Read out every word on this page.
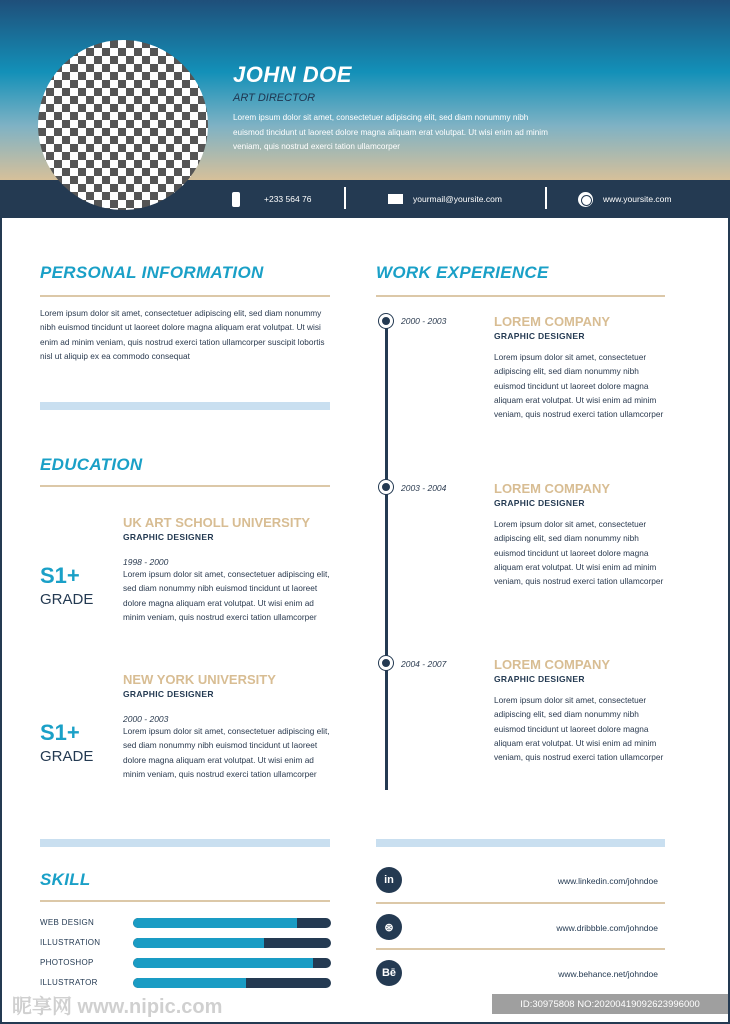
JOHN DOE
ART DIRECTOR
Lorem ipsum dolor sit amet, consectetuer adipiscing elit, sed diam nonummy nibh euismod tincidunt ut laoreet dolore magna aliquam erat volutpat. Ut wisi enim ad minim veniam, quis nostrud exerci tation ullamcorper
+233 564 76	yourmail@yoursite.com	www.yoursite.com
PERSONAL INFORMATION
Lorem ipsum dolor sit amet, consectetuer adipiscing elit, sed diam nonummy nibh euismod tincidunt ut laoreet dolore magna aliquam erat volutpat. Ut wisi enim ad minim veniam, quis nostrud exerci tation ullamcorper suscipit lobortis nisl ut aliquip ex ea commodo consequat
EDUCATION
S1+
GRADE
UK ART SCHOLL UNIVERSITY
GRAPHIC DESIGNER
1998 - 2000
Lorem ipsum dolor sit amet, consectetuer adipiscing elit, sed diam nonummy nibh euismod tincidunt ut laoreet dolore magna aliquam erat volutpat. Ut wisi enim ad minim veniam, quis nostrud exerci tation ullamcorper
S1+
GRADE
NEW YORK UNIVERSITY
GRAPHIC DESIGNER
2000 - 2003
Lorem ipsum dolor sit amet, consectetuer adipiscing elit, sed diam nonummy nibh euismod tincidunt ut laoreet dolore magna aliquam erat volutpat. Ut wisi enim ad minim veniam, quis nostrud exerci tation ullamcorper
WORK EXPERIENCE
2000 - 2003	LOREM COMPANY
GRAPHIC DESIGNER
Lorem ipsum dolor sit amet, consectetuer adipiscing elit, sed diam nonummy nibh euismod tincidunt ut laoreet dolore magna aliquam erat volutpat. Ut wisi enim ad minim veniam, quis nostrud exerci tation ullamcorper
2003 - 2004	LOREM COMPANY
GRAPHIC DESIGNER
Lorem ipsum dolor sit amet, consectetuer adipiscing elit, sed diam nonummy nibh euismod tincidunt ut laoreet dolore magna aliquam erat volutpat. Ut wisi enim ad minim veniam, quis nostrud exerci tation ullamcorper
2004 - 2007	LOREM COMPANY
GRAPHIC DESIGNER
Lorem ipsum dolor sit amet, consectetuer adipiscing elit, sed diam nonummy nibh euismod tincidunt ut laoreet dolore magna aliquam erat volutpat. Ut wisi enim ad minim veniam, quis nostrud exerci tation ullamcorper
SKILL
WEB DESIGN
ILLUSTRATION
PHOTOSHOP
ILLUSTRATOR
in	www.linkedin.com/johndoe
⊛	www.dribbble.com/johndoe
Bē	www.behance.net/johndoe
昵享网 www.nipic.com	ID:30975808 NO:20200419092623996000
